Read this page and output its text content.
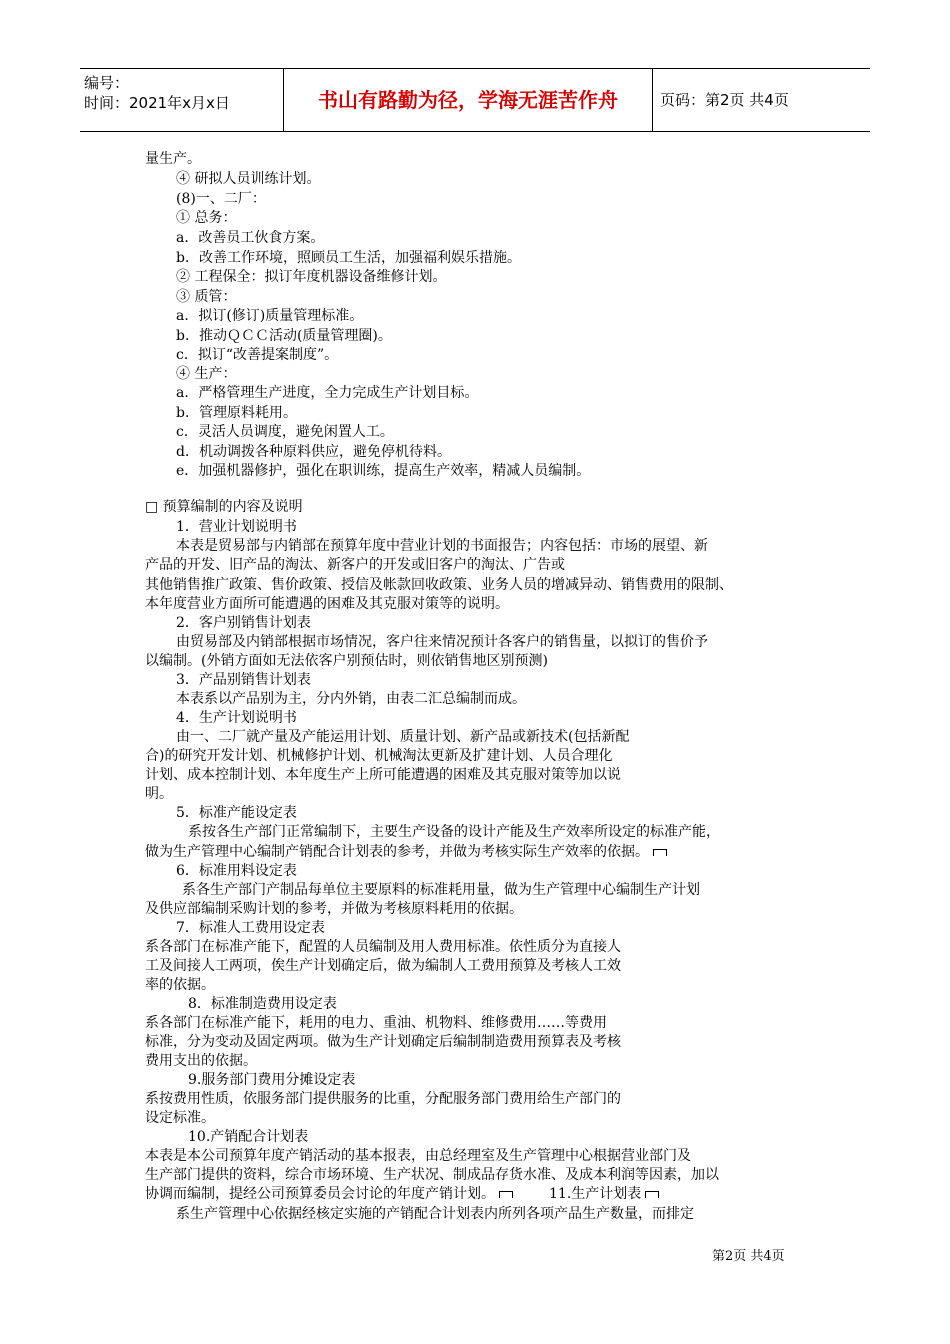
编号：
时间：2021年x月x日	书山有路勤为径，学海无涯苦作舟	页码：第2页 共4页
量生产。
④ 研拟人员训练计划。
(8)一、二厂：
① 总务：
a．改善员工伙食方案。
b．改善工作环境，照顾员工生活，加强福利娱乐措施。
② 工程保全：拟订年度机器设备维修计划。
③ 质管：
a．拟订(修订)质量管理标准。
b．推动ＱＣＣ活动(质量管理圈)。
c．拟订“改善提案制度”。
④ 生产：
a．严格管理生产进度，全力完成生产计划目标。
b．管理原料耗用。
c．灵活人员调度，避免闲置人工。
d．机动调拨各种原料供应，避免停机待料。
e．加强机器修护，强化在职训练，提高生产效率，精减人员编制。
□ 预算编制的内容及说明
1．营业计划说明书
本表是贸易部与内销部在预算年度中营业计划的书面报告；内容包括：市场的展望、新
产品的开发、旧产品的淘汰、新客户的开发或旧客户的淘汰、广告或
其他销售推广政策、售价政策、授信及帐款回收政策、业务人员的增减异动、销售费用的限制、
本年度营业方面所可能遭遇的困难及其克服对策等的说明。
2．客户别销售计划表
由贸易部及内销部根据市场情况，客户往来情况预计各客户的销售量，以拟订的售价予
以编制。(外销方面如无法依客户别预估时，则依销售地区别预测)
3．产品别销售计划表
本表系以产品别为主，分内外销，由表二汇总编制而成。
4．生产计划说明书
由一、二厂就产量及产能运用计划、质量计划、新产品或新技术(包括新配
合)的研究开发计划、机械修护计划、机械淘汰更新及扩建计划、人员合理化
计划、成本控制计划、本年度生产上所可能遭遇的困难及其克服对策等加以说
明。
5．标准产能设定表
系按各生产部门正常编制下，主要生产设备的设计产能及生产效率所设定的标准产能，
做为生产管理中心编制产销配合计划表的参考，并做为考核实际生产效率的依据。
6．标准用料设定表
系各生产部门产制品每单位主要原料的标准耗用量，做为生产管理中心编制生产计划
及供应部编制采购计划的参考，并做为考核原料耗用的依据。
7．标准人工费用设定表
系各部门在标准产能下，配置的人员编制及用人费用标准。依性质分为直接人
工及间接人工两项，俟生产计划确定后，做为编制人工费用预算及考核人工效
率的依据。
8．标准制造费用设定表
系各部门在标准产能下，耗用的电力、重油、机物料、维修费用……等费用
标准，分为变动及固定两项。做为生产计划确定后编制制造费用预算表及考核
费用支出的依据。
9.服务部门费用分摊设定表
系按费用性质，依服务部门提供服务的比重，分配服务部门费用给生产部门的
设定标准。
10.产销配合计划表
本表是本公司预算年度产销活动的基本报表，由总经理室及生产管理中心根据营业部门及
生产部门提供的资料，综合市场环境、生产状况、制成品存货水准、及成本利润等因素，加以
协调而编制，提经公司预算委员会讨论的年度产销计划。	11.生产计划表
系生产管理中心依据经核定实施的产销配合计划表内所列各项产品生产数量，而排定
第2页 共4页
